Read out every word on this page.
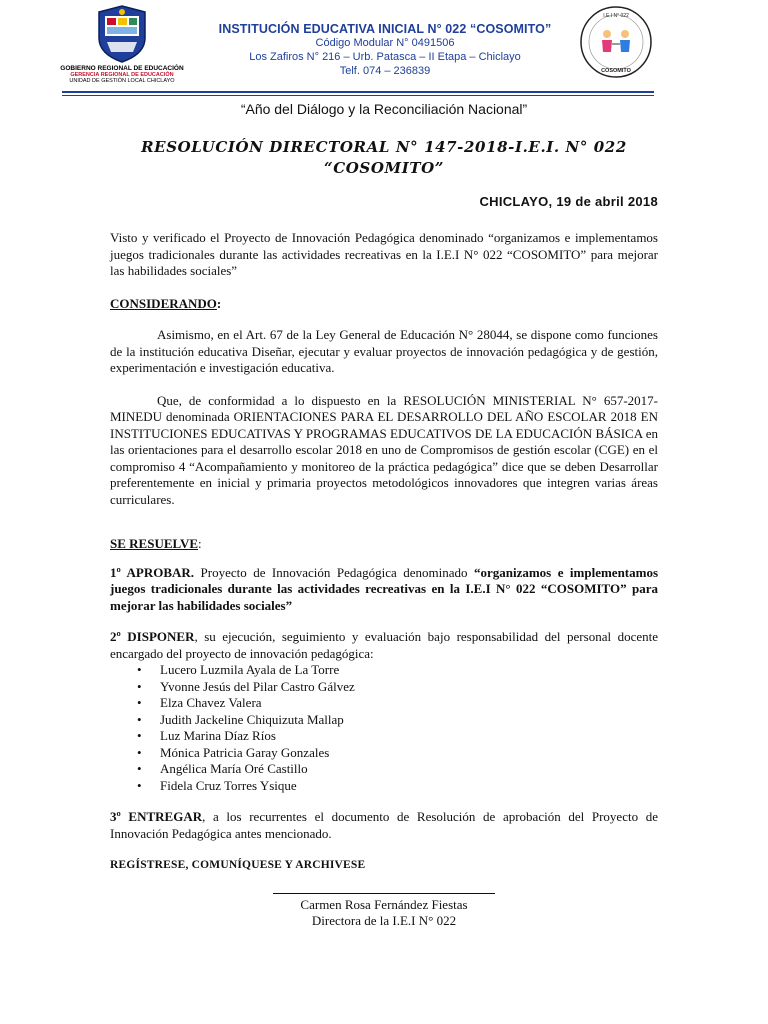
GOBIERNO REGIONAL DE EDUCACIÓN
GERENCIA REGIONAL DE EDUCACIÓN
UNIDAD DE GESTIÓN LOCAL CHICLAYO
INSTITUCIÓN EDUCATIVA INICIAL N° 022 “COSOMITO”
Código Modular N° 0491506
Los Zafiros N° 216 – Urb. Patasca – II Etapa – Chiclayo
Telf. 074 – 236839
I.E.I N° 022
COSOMITO
“Año del Diálogo y la Reconciliación Nacional”
RESOLUCIÓN DIRECTORAL N° 147-2018-I.E.I. N° 022
“COSOMITO”
CHICLAYO, 19 de abril 2018

Visto y verificado el Proyecto de Innovación Pedagógica denominado “organizamos e implementamos juegos tradicionales durante las actividades recreativas en la I.E.I N° 022 “COSOMITO” para mejorar las habilidades sociales”

CONSIDERANDO:

Asimismo, en el Art. 67 de la Ley General de Educación N° 28044, se dispone como funciones de la institución educativa Diseñar, ejecutar y evaluar proyectos de innovación pedagógica y de gestión, experimentación e investigación educativa.

Que, de conformidad a lo dispuesto en la RESOLUCIÓN MINISTERIAL N° 657-2017-MINEDU denominada ORIENTACIONES PARA EL DESARROLLO DEL AÑO ESCOLAR 2018 EN INSTITUCIONES EDUCATIVAS Y PROGRAMAS EDUCATIVOS DE LA EDUCACIÓN BÁSICA en las orientaciones para el desarrollo escolar 2018 en uno de Compromisos de gestión escolar (CGE) en el compromiso 4 “Acompañamiento y monitoreo de la práctica pedagógica” dice que se deben Desarrollar preferentemente en inicial y primaria proyectos metodológicos innovadores que integren varias áreas curriculares.

SE RESUELVE:

1º APROBAR. Proyecto de Innovación Pedagógica denominado “organizamos e implementamos juegos tradicionales durante las actividades recreativas en la I.E.I N° 022 “COSOMITO” para mejorar las habilidades sociales”

2º DISPONER, su ejecución, seguimiento y evaluación bajo responsabilidad del personal docente encargado del proyecto de innovación pedagógica:

• Lucero Luzmila Ayala de La Torre
• Yvonne Jesús del Pilar Castro Gálvez
• Elza Chavez Valera
• Judith Jackeline Chiquizuta Mallap
• Luz Marina Díaz Ríos
• Mónica Patricia Garay Gonzales
• Angélica María Oré Castillo
• Fidela Cruz Torres Ysique

3º ENTREGAR, a los recurrentes el documento de Resolución de aprobación del Proyecto de Innovación Pedagógica antes mencionado.

REGÍSTRESE, COMUNÍQUESE Y ARCHIVESE

Carmen Rosa Fernández Fiestas
Directora de la I.E.I N° 022
